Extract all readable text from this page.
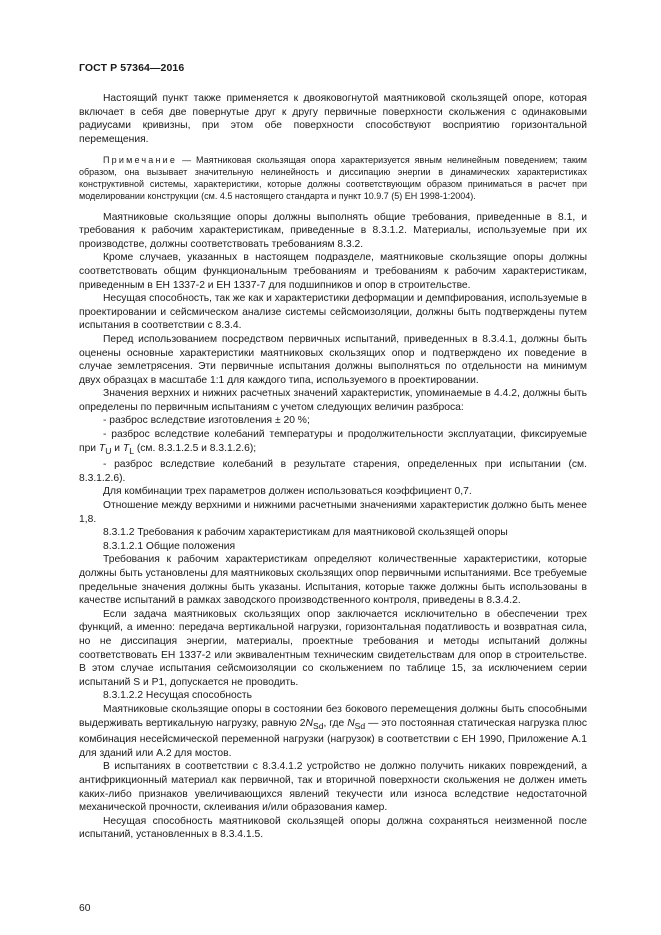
ГОСТ Р 57364—2016

Настоящий пункт также применяется к двояковогнутой маятниковой скользящей опоре, которая включает в себя две повернутые друг к другу первичные поверхности скольжения с одинаковыми радиусами кривизны, при этом обе поверхности способствуют восприятию горизонтальной перемещения.

Примечание — Маятниковая скользящая опора характеризуется явным нелинейным поведением; таким образом, она вызывает значительную нелинейность и диссипацию энергии в динамических характеристиках конструктивной системы, характеристики, которые должны соответствующим образом приниматься в расчет при моделировании конструкции (см. 4.5 настоящего стандарта и пункт 10.9.7 (5) ЕН 1998-1:2004).

Маятниковые скользящие опоры должны выполнять общие требования, приведенные в 8.1, и требования к рабочим характеристикам, приведенные в 8.3.1.2. Материалы, используемые при их производстве, должны соответствовать требованиям 8.3.2.

Кроме случаев, указанных в настоящем подразделе, маятниковые скользящие опоры должны соответствовать общим функциональным требованиям и требованиям к рабочим характеристикам, приведенным в ЕН 1337-2 и ЕН 1337-7 для подшипников и опор в строительстве.

Несущая способность, так же как и характеристики деформации и демпфирования, используемые в проектировании и сейсмическом анализе системы сейсмоизоляции, должны быть подтверждены путем испытания в соответствии с 8.3.4.

Перед использованием посредством первичных испытаний, приведенных в 8.3.4.1, должны быть оценены основные характеристики маятниковых скользящих опор и подтверждено их поведение в случае землетрясения. Эти первичные испытания должны выполняться по отдельности на минимум двух образцах в масштабе 1:1 для каждого типа, используемого в проектировании.

Значения верхних и нижних расчетных значений характеристик, упоминаемые в 4.4.2, должны быть определены по первичным испытаниям с учетом следующих величин разброса:

- разброс вследствие изготовления ± 20 %;

- разброс вследствие колебаний температуры и продолжительности эксплуатации, фиксируемые при $T_U$ и $T_L$ (см. 8.3.1.2.5 и 8.3.1.2.6);

- разброс вследствие колебаний в результате старения, определенных при испытании (см. 8.3.1.2.6).

Для комбинации трех параметров должен использоваться коэффициент 0,7.

Отношение между верхними и нижними расчетными значениями характеристик должно быть менее 1,8.

8.3.1.2 Требования к рабочим характеристикам для маятниковой скользящей опоры

8.3.1.2.1 Общие положения

Требования к рабочим характеристикам определяют количественные характеристики, которые должны быть установлены для маятниковых скользящих опор первичными испытаниями. Все требуемые предельные значения должны быть указаны. Испытания, которые также должны быть использованы в качестве испытаний в рамках заводского производственного контроля, приведены в 8.3.4.2.

Если задача маятниковых скользящих опор заключается исключительно в обеспечении трех функций, а именно: передача вертикальной нагрузки, горизонтальная податливость и возвратная сила, но не диссипация энергии, материалы, проектные требования и методы испытаний должны соответствовать ЕН 1337-2 или эквивалентным техническим свидетельствам для опор в строительстве. В этом случае испытания сейсмоизоляции со скольжением по таблице 15, за исключением серии испытаний S и P1, допускается не проводить.

8.3.1.2.2 Несущая способность

Маятниковые скользящие опоры в состоянии без бокового перемещения должны быть способными выдерживать вертикальную нагрузку, равную $2N_{Sd}$, где $N_{Sd}$ — это постоянная статическая нагрузка плюс комбинация несейсмической переменной нагрузки (нагрузок) в соответствии с ЕН 1990, Приложение А.1 для зданий или А.2 для мостов.

В испытаниях в соответствии с 8.3.4.1.2 устройство не должно получить никаких повреждений, а антифрикционный материал как первичной, так и вторичной поверхности скольжения не должен иметь каких-либо признаков увеличивающихся явлений текучести или износа вследствие недостаточной механической прочности, склеивания и/или образования камер.

Несущая способность маятниковой скользящей опоры должна сохраняться неизменной после испытаний, установленных в 8.3.4.1.5.

60
